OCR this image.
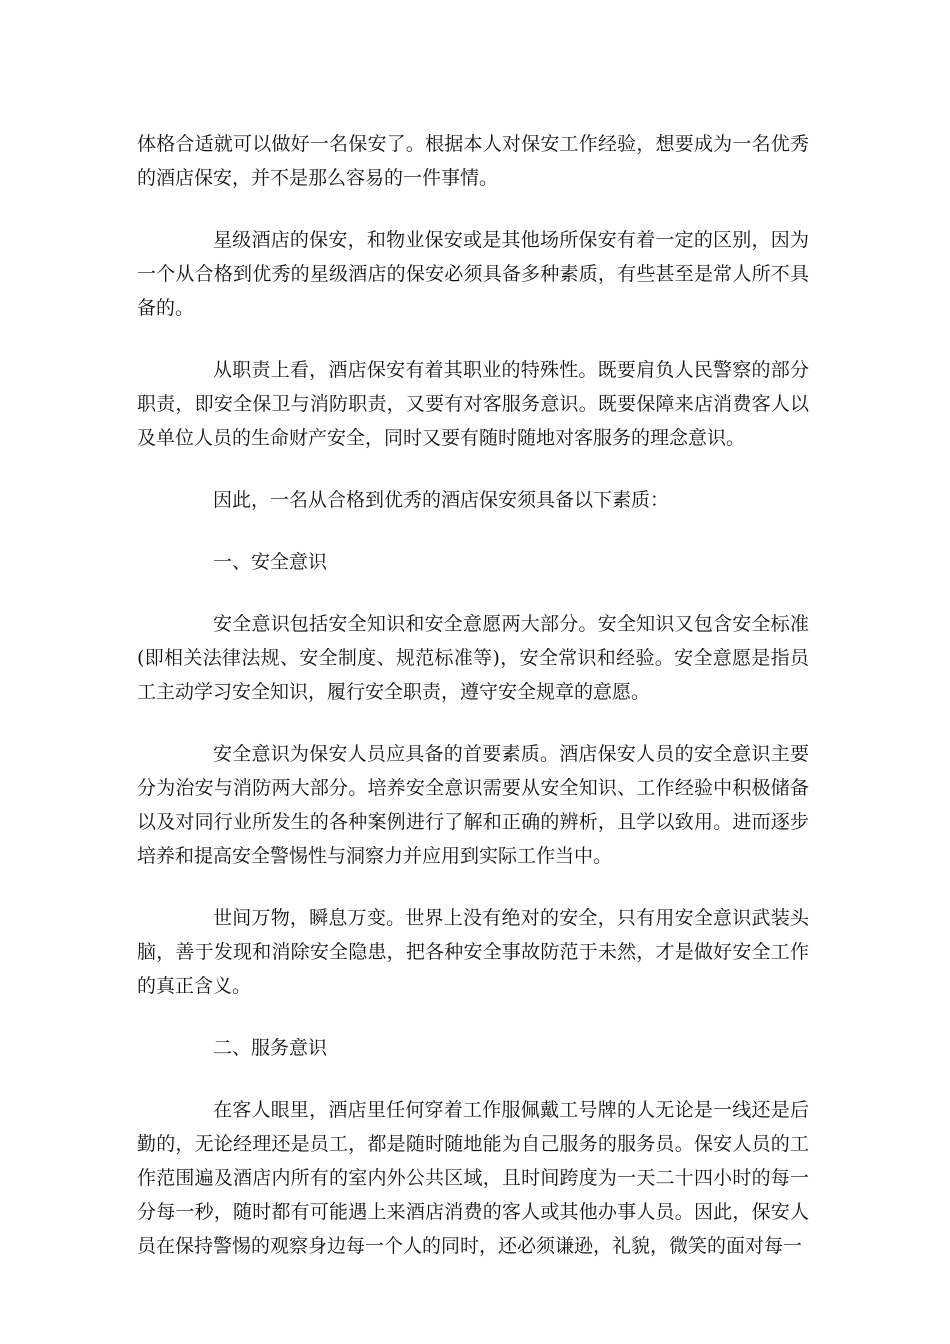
体格合适就可以做好一名保安了。根据本人对保安工作经验，想要成为一名优秀的酒店保安，并不是那么容易的一件事情。

星级酒店的保安，和物业保安或是其他场所保安有着一定的区别，因为一个从合格到优秀的星级酒店的保安必须具备多种素质，有些甚至是常人所不具备的。

从职责上看，酒店保安有着其职业的特殊性。既要肩负人民警察的部分职责，即安全保卫与消防职责，又要有对客服务意识。既要保障来店消费客人以及单位人员的生命财产安全，同时又要有随时随地对客服务的理念意识。

因此，一名从合格到优秀的酒店保安须具备以下素质：

一、安全意识

安全意识包括安全知识和安全意愿两大部分。安全知识又包含安全标准(即相关法律法规、安全制度、规范标准等)，安全常识和经验。安全意愿是指员工主动学习安全知识，履行安全职责，遵守安全规章的意愿。

安全意识为保安人员应具备的首要素质。酒店保安人员的安全意识主要分为治安与消防两大部分。培养安全意识需要从安全知识、工作经验中积极储备以及对同行业所发生的各种案例进行了解和正确的辨析，且学以致用。进而逐步培养和提高安全警惕性与洞察力并应用到实际工作当中。

世间万物，瞬息万变。世界上没有绝对的安全，只有用安全意识武装头脑，善于发现和消除安全隐患，把各种安全事故防范于未然，才是做好安全工作的真正含义。

二、服务意识

在客人眼里，酒店里任何穿着工作服佩戴工号牌的人无论是一线还是后勤的，无论经理还是员工，都是随时随地能为自己服务的服务员。保安人员的工作范围遍及酒店内所有的室内外公共区域，且时间跨度为一天二十四小时的每一分每一秒，随时都有可能遇上来酒店消费的客人或其他办事人员。因此，保安人员在保持警惕的观察身边每一个人的同时，还必须谦逊，礼貌，微笑的面对每一
